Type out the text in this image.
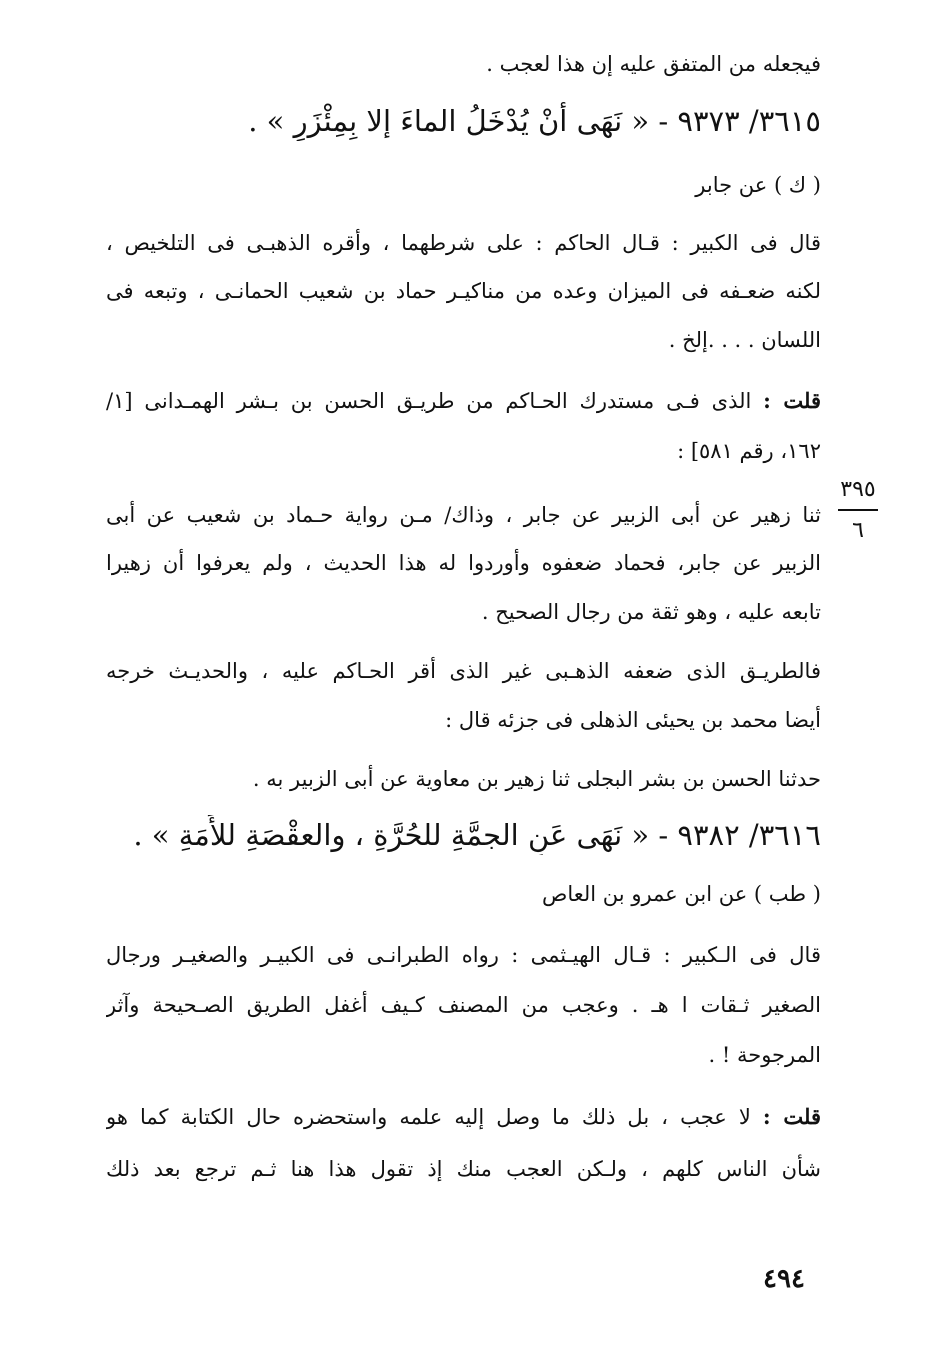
فيجعله من المتفق عليه إن هذا لعجب .
٣٦١٥/ ٩٣٧٣ - « نَهَى أنْ يُدْخَلُ الماءَ إلا بِمِئْزَرٍ » .
( ك ) عن جابر
قال فى الكبير : قـال الحاكم : على شرطهما ، وأقره الذهبـى فى التلخيص ،
لكنه ضعـفه فى الميزان وعده من مناكيـر حماد بن شعيب الحمانـى ، وتبعه فى
اللسان . . . .إلخ .
قلت : الذى فـى مستدرك الحـاكم من طريـق الحسن بن بـشر الهمـدانى [١/
١٦٢، رقم ٥٨١] :
ثنا زهير عن أبى الزبير عن جابر ، وذاك/ مـن رواية حـماد بن شعيب عن أبى
الزبير عن جابر، فحماد ضعفوه وأوردوا له هذا الحديث ، ولم يعرفوا أن زهيرا
تابعه عليه ، وهو ثقة من رجال الصحيح .
فالطريـق الذى ضعفه الذهـبى غير الذى أقر الحـاكم عليه ، والحديـث خرجه
أيضا محمد بن يحيئى الذهلى فى جزئه قال :
حدثنا الحسن بن بشر البجلى ثنا زهير بن معاوية عن أبى الزبير به .
٣٦١٦/ ٩٣٨٢ - « نَهَى عَنِ الجمَّةِ للحُرَّةِ ، والعقْصَةِ للأَمَةِ » .
( طب ) عن ابن عمرو بن العاص
قال فى الـكبير : قـال الهيـثمى : رواه الطبرانـى فى الكبيـر والصغيـر ورجال
الصغير ثـقات ا هـ . وعجب من المصنف كـيف أغفل الطريق الصـحيحة وآثر
المرجوحة ! .
قلت : لا عجب ، بل ذلك ما وصل إليه علمه واستحضره حال الكتابة كما هو
شأن الناس كلهم ، ولـكن العجب منك إذ تقول هذا هنا ثـم ترجع بعد ذلك
٣٩٥
٦
٤٩٤
